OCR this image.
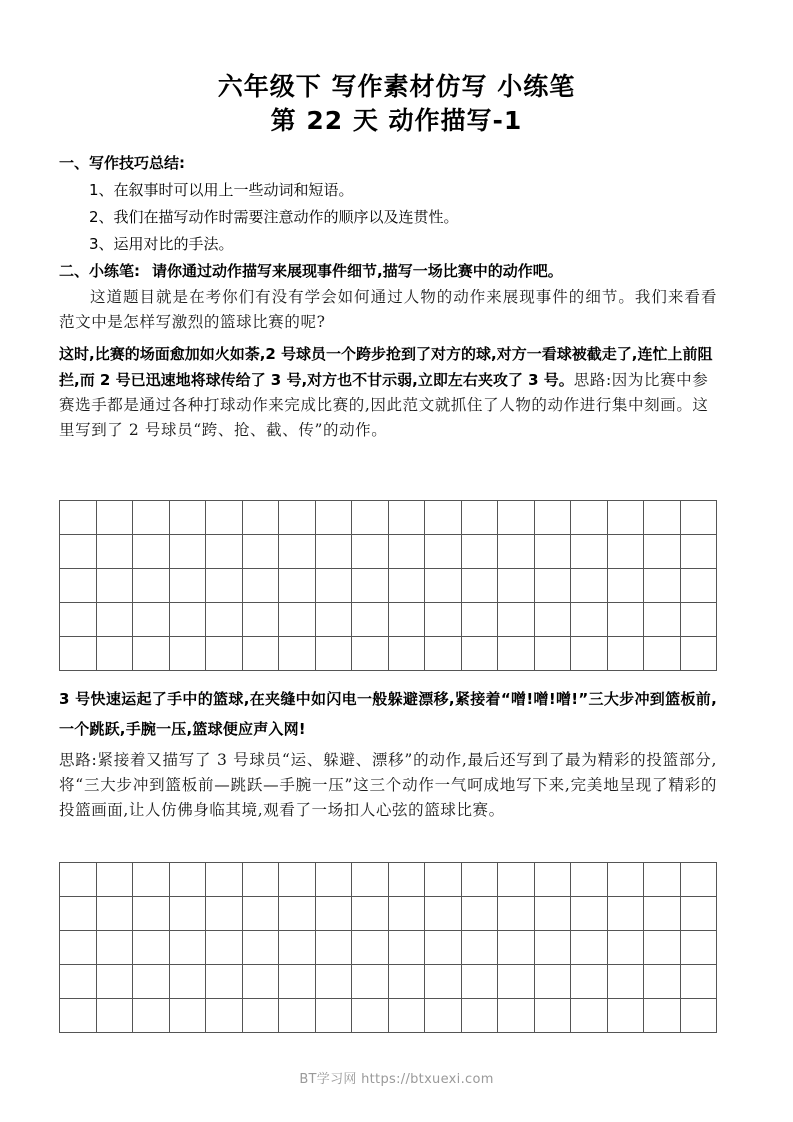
六年级下 写作素材仿写 小练笔
第 22 天 动作描写-1
一、写作技巧总结:
1、在叙事时可以用上一些动词和短语。
2、我们在描写动作时需要注意动作的顺序以及连贯性。
3、运用对比的手法。
二、小练笔: 请你通过动作描写来展现事件细节,描写一场比赛中的动作吧。
这道题目就是在考你们有没有学会如何通过人物的动作来展现事件的细节。我们来看看范文中是怎样写激烈的篮球比赛的呢?
这时,比赛的场面愈加如火如荼,2 号球员一个跨步抢到了对方的球,对方一看球被截走了,连忙上前阻拦,而 2 号已迅速地将球传给了 3 号,对方也不甘示弱,立即左右夹攻了 3 号。思路:因为比赛中参赛选手都是通过各种打球动作来完成比赛的,因此范文就抓住了人物的动作进行集中刻画。这里写到了 2 号球员“跨、抢、截、传”的动作。

3 号快速运起了手中的篮球,在夹缝中如闪电一般躲避漂移,紧接着“噌!噌!噌!”三大步冲到篮板前,一个跳跃,手腕一压,篮球便应声入网!
思路:紧接着又描写了 3 号球员“运、躲避、漂移”的动作,最后还写到了最为精彩的投篮部分,将“三大步冲到篮板前—跳跃—手腕一压”这三个动作一气呵成地写下来,完美地呈现了精彩的投篮画面,让人仿佛身临其境,观看了一场扣人心弦的篮球比赛。

BT学习网 https://btxuexi.com
